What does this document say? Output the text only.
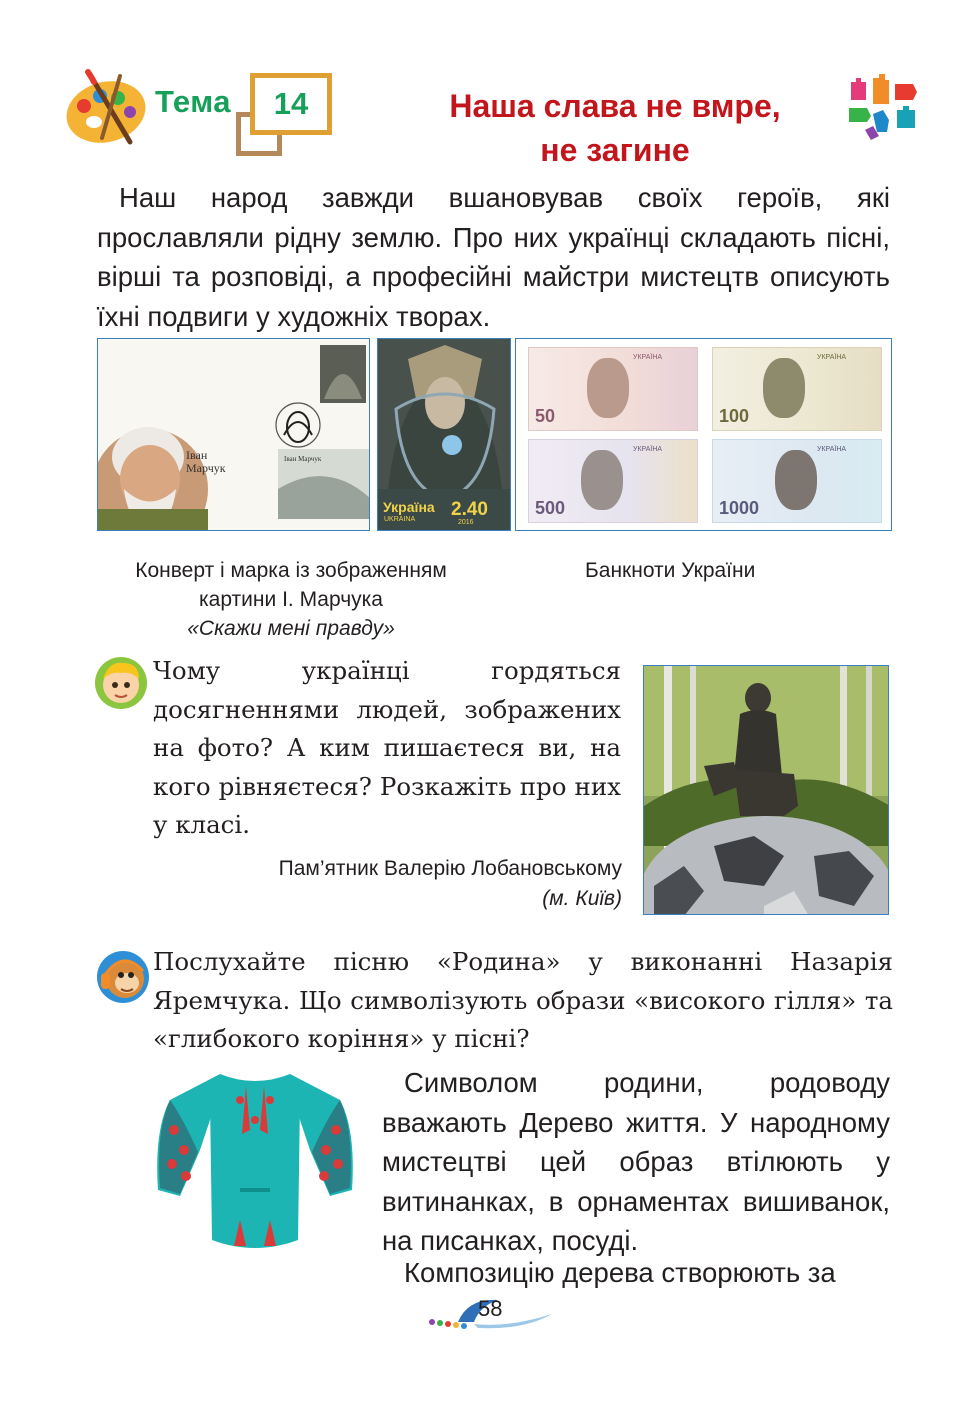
Тема	14	Наша слава не вмре,
не загине

Наш народ завжди вшановував своїх героїв, які прославляли рідну землю. Про них українці складають пісні, вірші та розповіді, а професійні майстри мистецтв описують їхні подвиги у художніх творах.

Іван
Марчук
Іван Марчук
Україна
UKRAINA 2.40
2016
50
УКРАЇНА
100
УКРАЇНА
500
УКРАЇНА
1000
УКРАЇНА
Конверт і марка із зображенням
картини І. Марчука
«Скажи мені правду»
Банкноти України

Чому українці гордяться досягненнями людей, зображених на фото? А ким пишаєтеся ви, на кого рівняєтеся? Розкажіть про них у класі.

Пам’ятник Валерію Лобановському
(м. Київ)

Послухайте пісню «Родина» у виконанні Назарія Яремчука. Що символізують образи «високого гілля» та «глибокого коріння» у пісні?

Символом родини, родоводу вважають Дерево життя. У народному мистецтві цей образ втілюють у витинанках, в орнаментах вишиванок, на писанках, посуді.

Композицію дерева створюють за

58
